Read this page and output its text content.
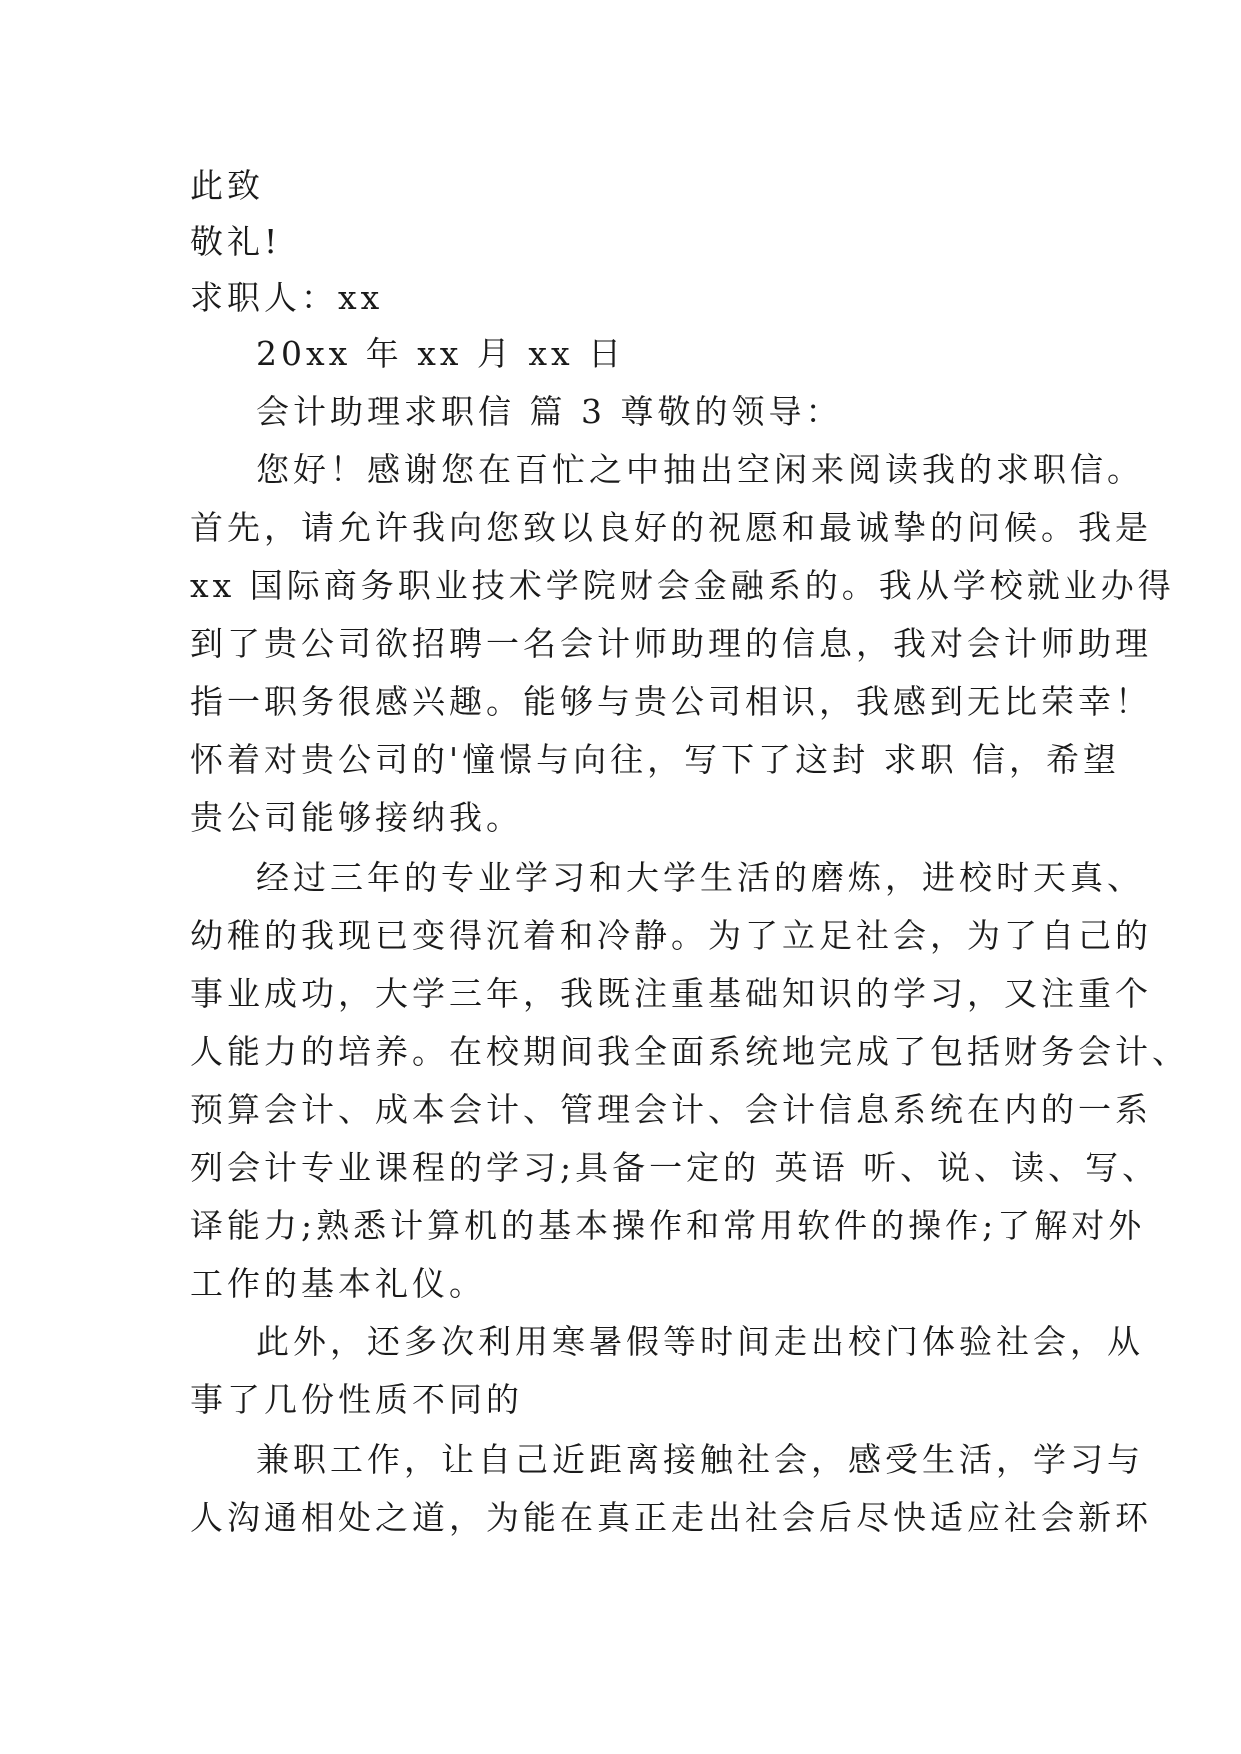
此致
敬礼!
求职人：xx
20xx 年 xx 月 xx 日
会计助理求职信 篇 3 尊敬的领导：
您好！感谢您在百忙之中抽出空闲来阅读我的求职信。
首先，请允许我向您致以良好的祝愿和最诚挚的问候。我是
xx 国际商务职业技术学院财会金融系的。我从学校就业办得
到了贵公司欲招聘一名会计师助理的信息，我对会计师助理
指一职务很感兴趣。能够与贵公司相识，我感到无比荣幸！
怀着对贵公司的'憧憬与向往，写下了这封 求职 信，希望
贵公司能够接纳我。
经过三年的专业学习和大学生活的磨炼，进校时天真、
幼稚的我现已变得沉着和冷静。为了立足社会，为了自己的
事业成功，大学三年，我既注重基础知识的学习，又注重个
人能力的培养。在校期间我全面系统地完成了包括财务会计、
预算会计、成本会计、管理会计、会计信息系统在内的一系
列会计专业课程的学习;具备一定的 英语 听、说、读、写、
译能力;熟悉计算机的基本操作和常用软件的操作;了解对外
工作的基本礼仪。
此外，还多次利用寒暑假等时间走出校门体验社会，从
事了几份性质不同的
兼职工作，让自己近距离接触社会，感受生活，学习与
人沟通相处之道，为能在真正走出社会后尽快适应社会新环
